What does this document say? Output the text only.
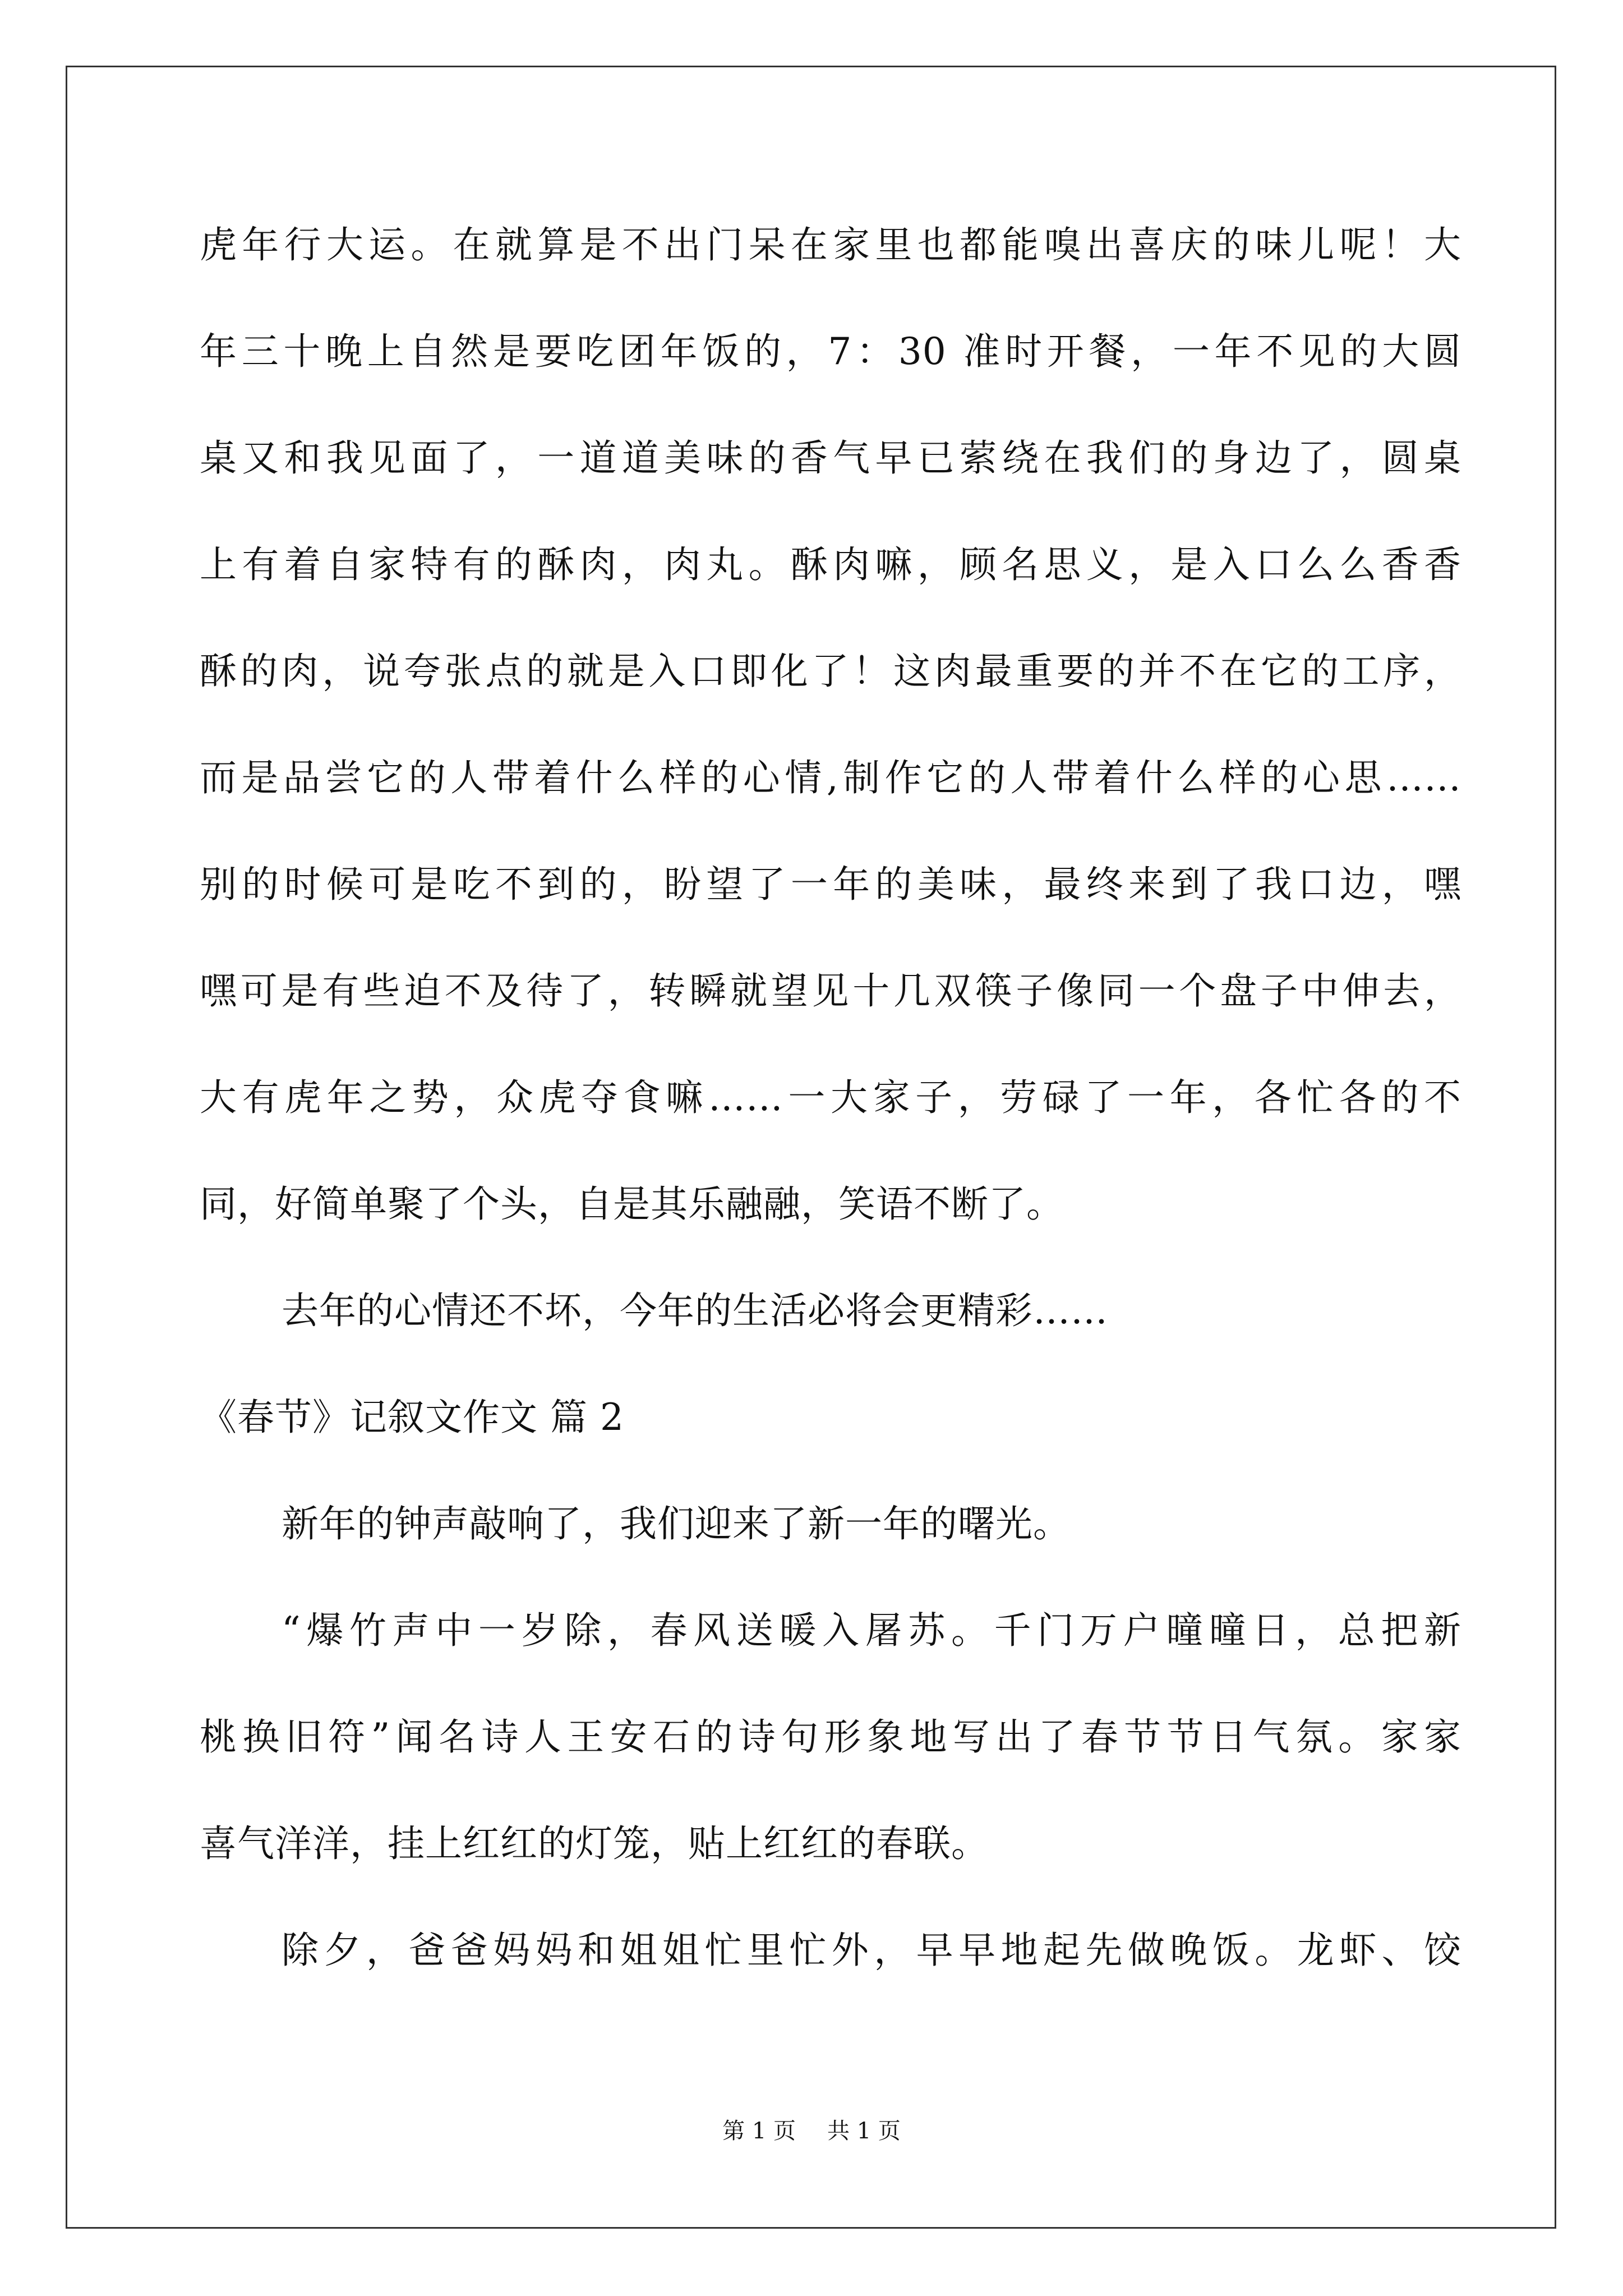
虎年行大运。在就算是不出门呆在家里也都能嗅出喜庆的味儿呢！大
年三十晚上自然是要吃团年饭的，7：30 准时开餐，一年不见的大圆
桌又和我见面了，一道道美味的香气早已萦绕在我们的身边了，圆桌
上有着自家特有的酥肉，肉丸。酥肉嘛，顾名思义，是入口么么香香
酥的肉，说夸张点的就是入口即化了！这肉最重要的并不在它的工序，
而是品尝它的人带着什么样的心情,制作它的人带着什么样的心思……
别的时候可是吃不到的，盼望了一年的美味，最终来到了我口边，嘿
嘿可是有些迫不及待了，转瞬就望见十几双筷子像同一个盘子中伸去，
大有虎年之势，众虎夺食嘛……一大家子，劳碌了一年，各忙各的不
同，好简单聚了个头，自是其乐融融，笑语不断了。
去年的心情还不坏，今年的生活必将会更精彩……
《春节》记叙文作文 篇 2
新年的钟声敲响了，我们迎来了新一年的曙光。
“爆竹声中一岁除，春风送暖入屠苏。千门万户曈曈日，总把新
桃换旧符”闻名诗人王安石的诗句形象地写出了春节节日气氛。家家
喜气洋洋，挂上红红的灯笼，贴上红红的春联。
除夕，爸爸妈妈和姐姐忙里忙外，早早地起先做晚饭。龙虾、饺
第 1 页 共 1 页
